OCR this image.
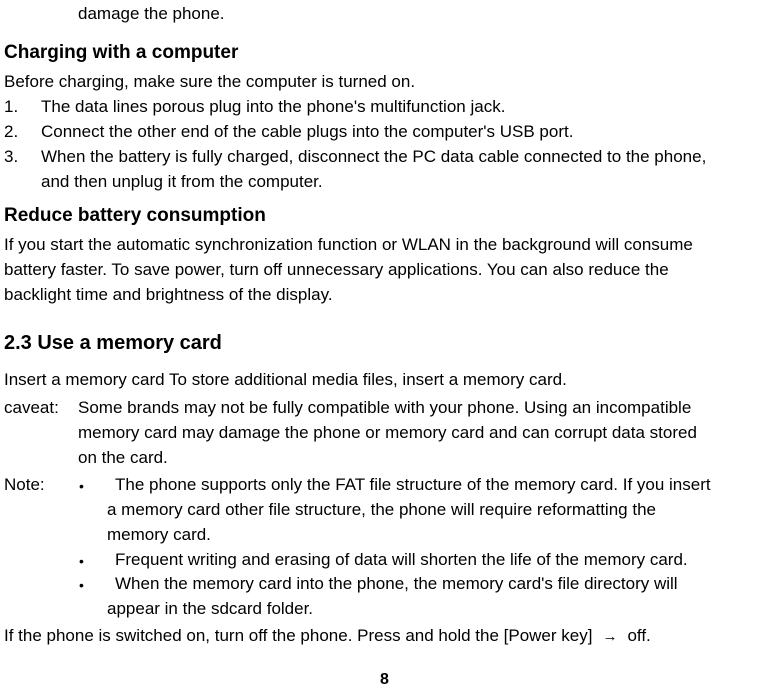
damage the phone.
Charging with a computer
Before charging, make sure the computer is turned on.
1. The data lines porous plug into the phone's multifunction jack.
2. Connect the other end of the cable plugs into the computer's USB port.
3. When the battery is fully charged, disconnect the PC data cable connected to the phone,
and then unplug it from the computer.
Reduce battery consumption
If you start the automatic synchronization function or WLAN in the background will consume
battery faster. To save power, turn off unnecessary applications. You can also reduce the
backlight time and brightness of the display.
2.3 Use a memory card
Insert a memory card To store additional media files, insert a memory card.
caveat: Some brands may not be fully compatible with your phone. Using an incompatible
memory card may damage the phone or memory card and can corrupt data stored
on the card.
Note: • The phone supports only the FAT file structure of the memory card. If you insert
a memory card other file structure, the phone will require reformatting the
memory card.
• Frequent writing and erasing of data will shorten the life of the memory card.
• When the memory card into the phone, the memory card's file directory will
appear in the sdcard folder.
If the phone is switched on, turn off the phone. Press and hold the [Power key] → off.
8
